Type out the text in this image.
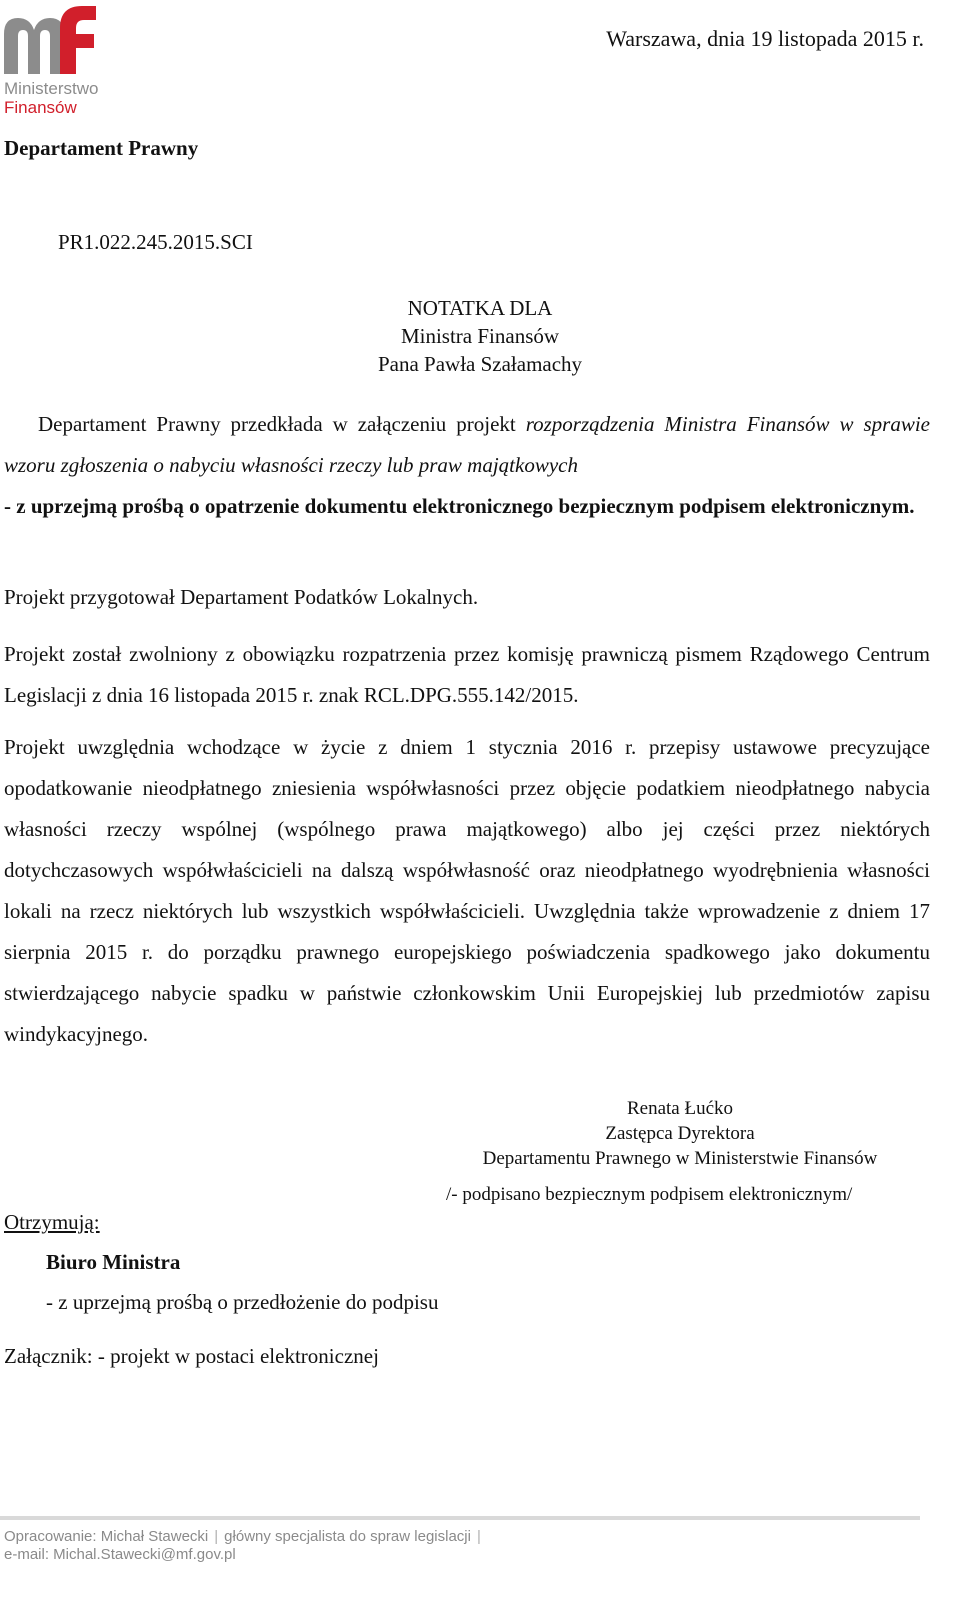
Ministerstwo
Finansów
Warszawa, dnia 19 listopada 2015 r.
Departament Prawny
PR1.022.245.2015.SCI
NOTATKA DLA
Ministra Finansów
Pana Pawła Szałamachy
Departament Prawny przedkłada w załączeniu projekt rozporządzenia Ministra Finansów w sprawie wzoru zgłoszenia o nabyciu własności rzeczy lub praw majątkowych
- z uprzejmą prośbą o opatrzenie dokumentu elektronicznego bezpiecznym podpisem elektronicznym.
Projekt przygotował Departament Podatków Lokalnych.
Projekt został zwolniony z obowiązku rozpatrzenia przez komisję prawniczą pismem Rządowego Centrum Legislacji z dnia 16 listopada 2015 r. znak RCL.DPG.555.142/2015.
Projekt uwzględnia wchodzące w życie z dniem 1 stycznia 2016 r. przepisy ustawowe precyzujące opodatkowanie nieodpłatnego zniesienia współwłasności przez objęcie podatkiem nieodpłatnego nabycia własności rzeczy wspólnej (wspólnego prawa majątkowego) albo jej części przez niektórych dotychczasowych współwłaścicieli na dalszą współwłasność oraz nieodpłatnego wyodrębnienia własności lokali na rzecz niektórych lub wszystkich współwłaścicieli. Uwzględnia także wprowadzenie z dniem 17 sierpnia 2015 r. do porządku prawnego europejskiego poświadczenia spadkowego jako dokumentu stwierdzającego nabycie spadku w państwie członkowskim Unii Europejskiej lub przedmiotów zapisu windykacyjnego.
Renata Łućko
Zastępca Dyrektora
Departamentu Prawnego w Ministerstwie Finansów
/- podpisano bezpiecznym podpisem elektronicznym/
Otrzymują:
Biuro Ministra
- z uprzejmą prośbą o przedłożenie do podpisu
Załącznik: - projekt w postaci elektronicznej
Opracowanie: Michał Stawecki | główny specjalista do spraw legislacji |
e-mail: Michal.Stawecki@mf.gov.pl
